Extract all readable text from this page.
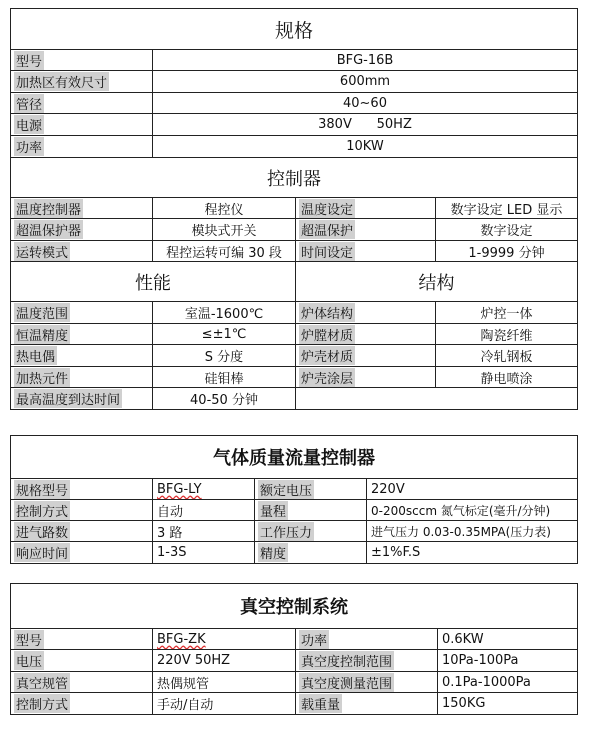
规格
型号	BFG-16B
加热区有效尺寸	600mm
管径	40~60
电源	380V      50HZ
功率	10KW
控制器
温度控制器	程控仪	温度设定	数字设定 LED 显示
超温保护器	模块式开关	超温保护	数字设定
运转模式	程控运转可编 30 段	时间设定	1-9999 分钟
性能	结构
温度范围	室温-1600℃	炉体结构	炉控一体
恒温精度	≤±1℃	炉膛材质	陶瓷纤维
热电偶	S 分度	炉壳材质	冷轧钢板
加热元件	硅钼棒	炉壳涂层	静电喷涂
最高温度到达时间	40-50 分钟
气体质量流量控制器
规格型号	BFG-LY	额定电压	220V
控制方式	自动	量程	0-200sccm 氮气标定(毫升/分钟)
进气路数	3 路	工作压力	进气压力 0.03-0.35MPA(压力表)
响应时间	1-3S	精度	±1%F.S
真空控制系统
型号	BFG-ZK	功率	0.6KW
电压	220V 50HZ	真空度控制范围	10Pa-100Pa
真空规管	热偶规管	真空度测量范围	0.1Pa-1000Pa
控制方式	手动/自动	载重量	150KG
